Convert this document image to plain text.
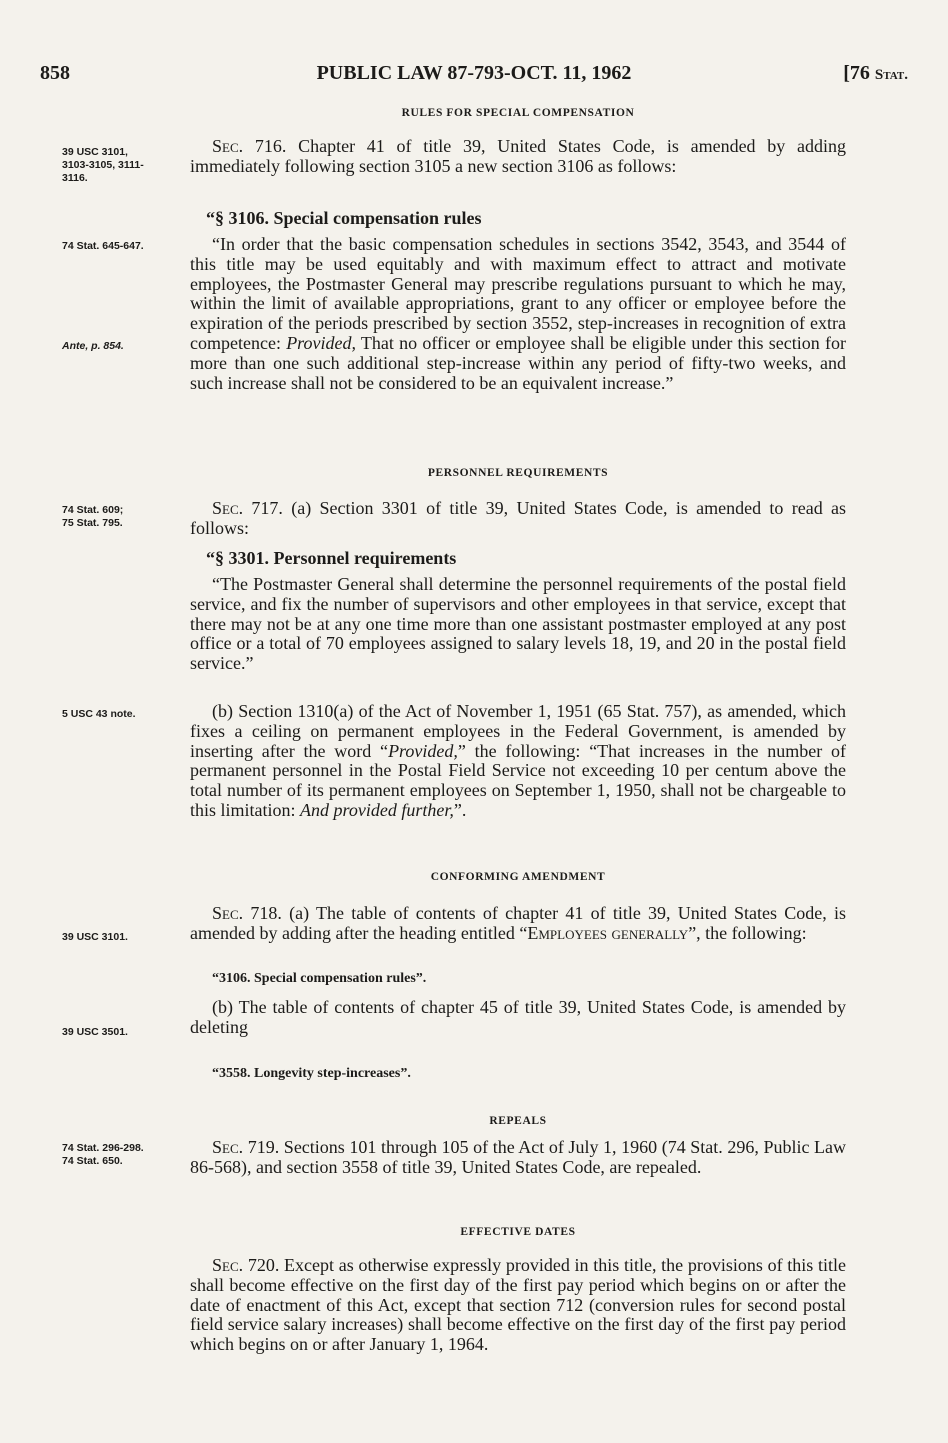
858	PUBLIC LAW 87-793-OCT. 11, 1962	[76 Stat.
39 USC 3101,
3103-3105, 3111-
3116.
74 Stat. 645-647.
Ante, p. 854.
74 Stat. 609;
75 Stat. 795.
5 USC 43 note.
39 USC 3101.
39 USC 3501.
74 Stat. 296-298.
74 Stat. 650.
RULES FOR SPECIAL COMPENSATION
PERSONNEL REQUIREMENTS
CONFORMING AMENDMENT
REPEALS
EFFECTIVE DATES

Sec. 716. Chapter 41 of title 39, United States Code, is amended by adding immediately following section 3105 a new section 3106 as follows:

“§ 3106. Special compensation rules

“In order that the basic compensation schedules in sections 3542, 3543, and 3544 of this title may be used equitably and with maximum effect to attract and motivate employees, the Postmaster General may prescribe regulations pursuant to which he may, within the limit of available appropriations, grant to any officer or employee before the expiration of the periods prescribed by section 3552, step-increases in recognition of extra competence: Provided, That no officer or employee shall be eligible under this section for more than one such additional step-increase within any period of fifty-two weeks, and such increase shall not be considered to be an equivalent increase.”

Sec. 717. (a) Section 3301 of title 39, United States Code, is amended to read as follows:

“§ 3301. Personnel requirements

“The Postmaster General shall determine the personnel requirements of the postal field service, and fix the number of supervisors and other employees in that service, except that there may not be at any one time more than one assistant postmaster employed at any post office or a total of 70 employees assigned to salary levels 18, 19, and 20 in the postal field service.”

(b) Section 1310(a) of the Act of November 1, 1951 (65 Stat. 757), as amended, which fixes a ceiling on permanent employees in the Federal Government, is amended by inserting after the word “Provided,” the following: “That increases in the number of permanent personnel in the Postal Field Service not exceeding 10 per centum above the total number of its permanent employees on September 1, 1950, shall not be chargeable to this limitation: And provided further,”.

Sec. 718. (a) The table of contents of chapter 41 of title 39, United States Code, is amended by adding after the heading entitled “Employees generally”, the following:

“3106. Special compensation rules”.

(b) The table of contents of chapter 45 of title 39, United States Code, is amended by deleting

“3558. Longevity step-increases”.

Sec. 719. Sections 101 through 105 of the Act of July 1, 1960 (74 Stat. 296, Public Law 86-568), and section 3558 of title 39, United States Code, are repealed.

Sec. 720. Except as otherwise expressly provided in this title, the provisions of this title shall become effective on the first day of the first pay period which begins on or after the date of enactment of this Act, except that section 712 (conversion rules for second postal field service salary increases) shall become effective on the first day of the first pay period which begins on or after January 1, 1964.
